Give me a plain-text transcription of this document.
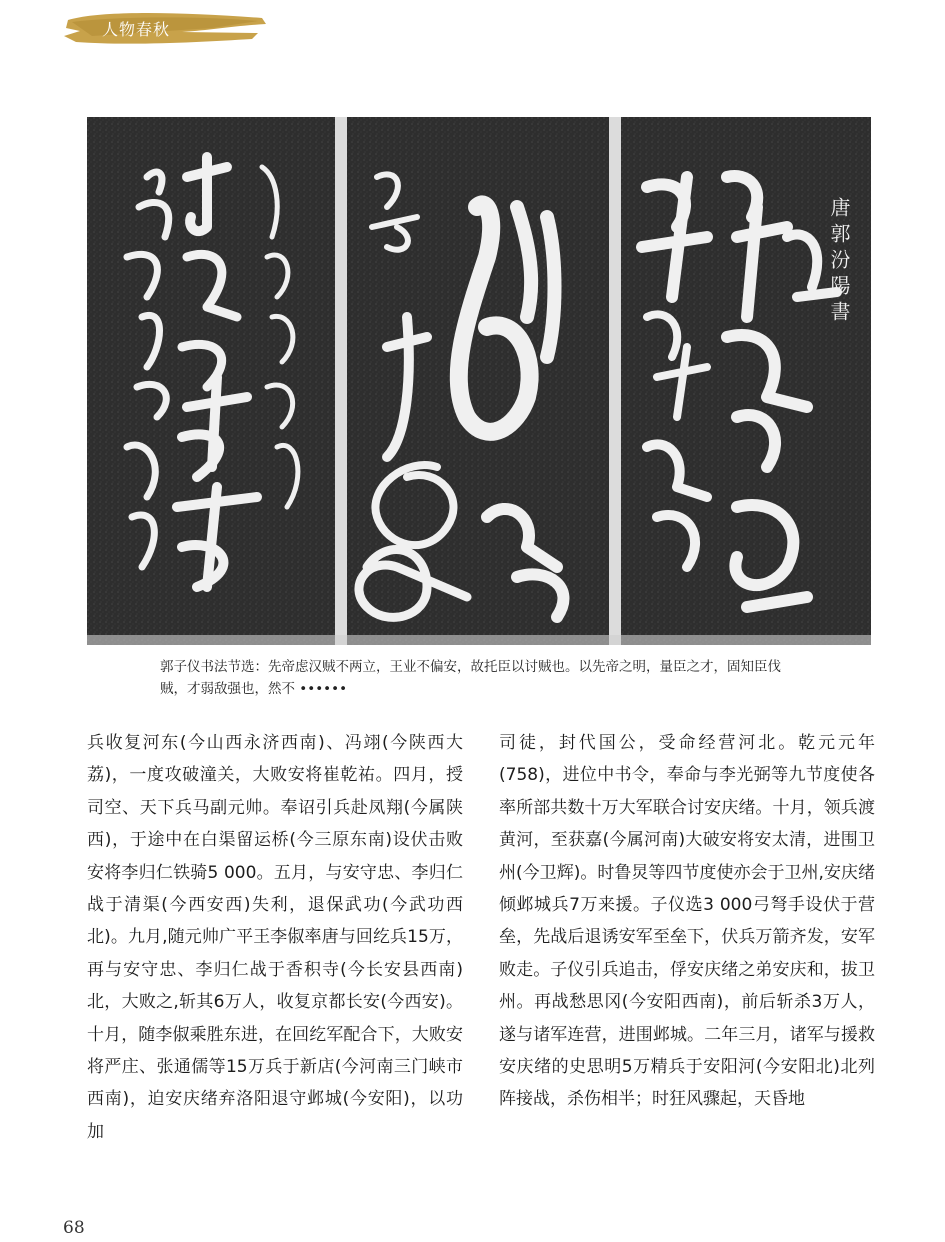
人物春秋
唐郭汾陽書
郭子仪书法节选：先帝虑汉贼不两立，王业不偏安，故托臣以讨贼也。以先帝之明，量臣之才，固知臣伐贼，才弱敌强也，然不 ••••••
兵收复河东(今山西永济西南)、冯翊(今陕西大荔)，一度攻破潼关，大败安将崔乾祐。四月，授司空、天下兵马副元帅。奉诏引兵赴凤翔(今属陕西)，于途中在白渠留运桥(今三原东南)设伏击败安将李归仁铁骑5 000。五月，与安守忠、李归仁战于清渠(今西安西)失利，退保武功(今武功西北)。九月,随元帅广平王李俶率唐与回纥兵15万，再与安守忠、李归仁战于香积寺(今长安县西南)北，大败之,斩其6万人，收复京都长安(今西安)。十月，随李俶乘胜东进，在回纥军配合下，大败安将严庄、张通儒等15万兵于新店(今河南三门峡市西南)，迫安庆绪弃洛阳退守邺城(今安阳)，以功加
司徒，封代国公，受命经营河北。乾元元年 (758)，进位中书令，奉命与李光弼等九节度使各率所部共数十万大军联合讨安庆绪。十月，领兵渡黄河，至获嘉(今属河南)大破安将安太清，进围卫州(今卫辉)。时鲁炅等四节度使亦会于卫州,安庆绪倾邺城兵7万来援。子仪选3 000弓弩手设伏于营垒，先战后退诱安军至垒下，伏兵万箭齐发，安军败走。子仪引兵追击，俘安庆绪之弟安庆和，拔卫州。再战愁思冈(今安阳西南)，前后斩杀3万人，遂与诸军连营，进围邺城。二年三月，诸军与援救安庆绪的史思明5万精兵于安阳河(今安阳北)北列阵接战，杀伤相半；时狂风骤起，天昏地
68
